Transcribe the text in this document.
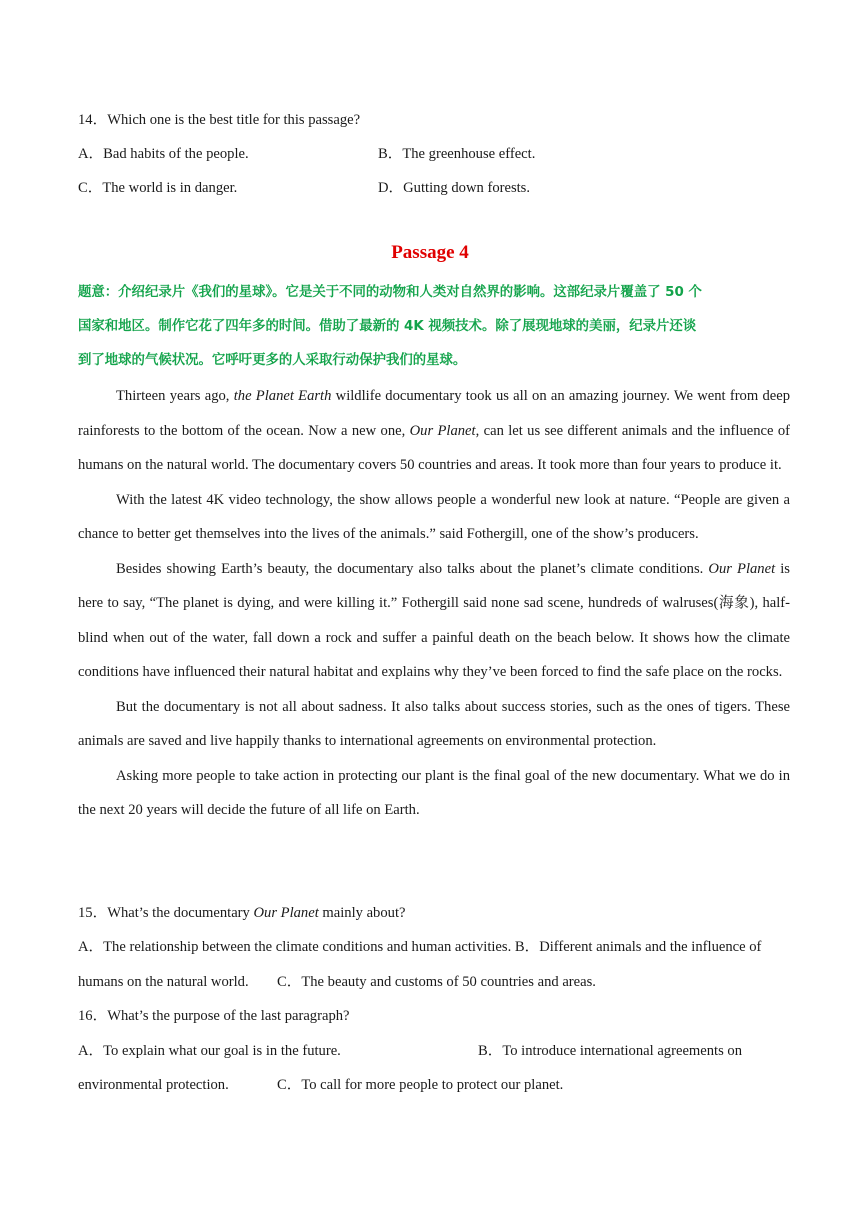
14．Which one is the best title for this passage?
A．Bad habits of the people.	B．The greenhouse effect.
C．The world is in danger.	D．Gutting down forests.
Passage 4
题意：介绍纪录片《我们的星球》。它是关于不同的动物和人类对自然界的影响。这部纪录片覆盖了 50 个
国家和地区。制作它花了四年多的时间。借助了最新的 4K 视频技术。除了展现地球的美丽，纪录片还谈
到了地球的气候状况。它呼吁更多的人采取行动保护我们的星球。

Thirteen years ago, the Planet Earth wildlife documentary took us all on an amazing journey. We went from deep rainforests to the bottom of the ocean. Now a new one, Our Planet, can let us see different animals and the influence of humans on the natural world. The documentary covers 50 countries and areas. It took more than four years to produce it.

With the latest 4K video technology, the show allows people a wonderful new look at nature. “People are given a chance to better get themselves into the lives of the animals.” said Fothergill, one of the show’s producers.

Besides showing Earth’s beauty, the documentary also talks about the planet’s climate conditions. Our Planet is here to say, “The planet is dying, and were killing it.” Fothergill said none sad scene, hundreds of walruses(海象), half-blind when out of the water, fall down a rock and suffer a painful death on the beach below. It shows how the climate conditions have influenced their natural habitat and explains why they’ve been forced to find the safe place on the rocks.

But the documentary is not all about sadness. It also talks about success stories, such as the ones of tigers. These animals are saved and live happily thanks to international agreements on environmental protection.

Asking more people to take action in protecting our plant is the final goal of the new documentary. What we do in the next 20 years will decide the future of all life on Earth.

15．What’s the documentary Our Planet mainly about?
A．The relationship between the climate conditions and human activities. B．Different animals and the influence of
humans on the natural world. C．The beauty and customs of 50 countries and areas.
16．What’s the purpose of the last paragraph?
A．To explain what our goal is in the future.	B．To introduce international agreements on
environmental protection.	C．To call for more people to protect our planet.
